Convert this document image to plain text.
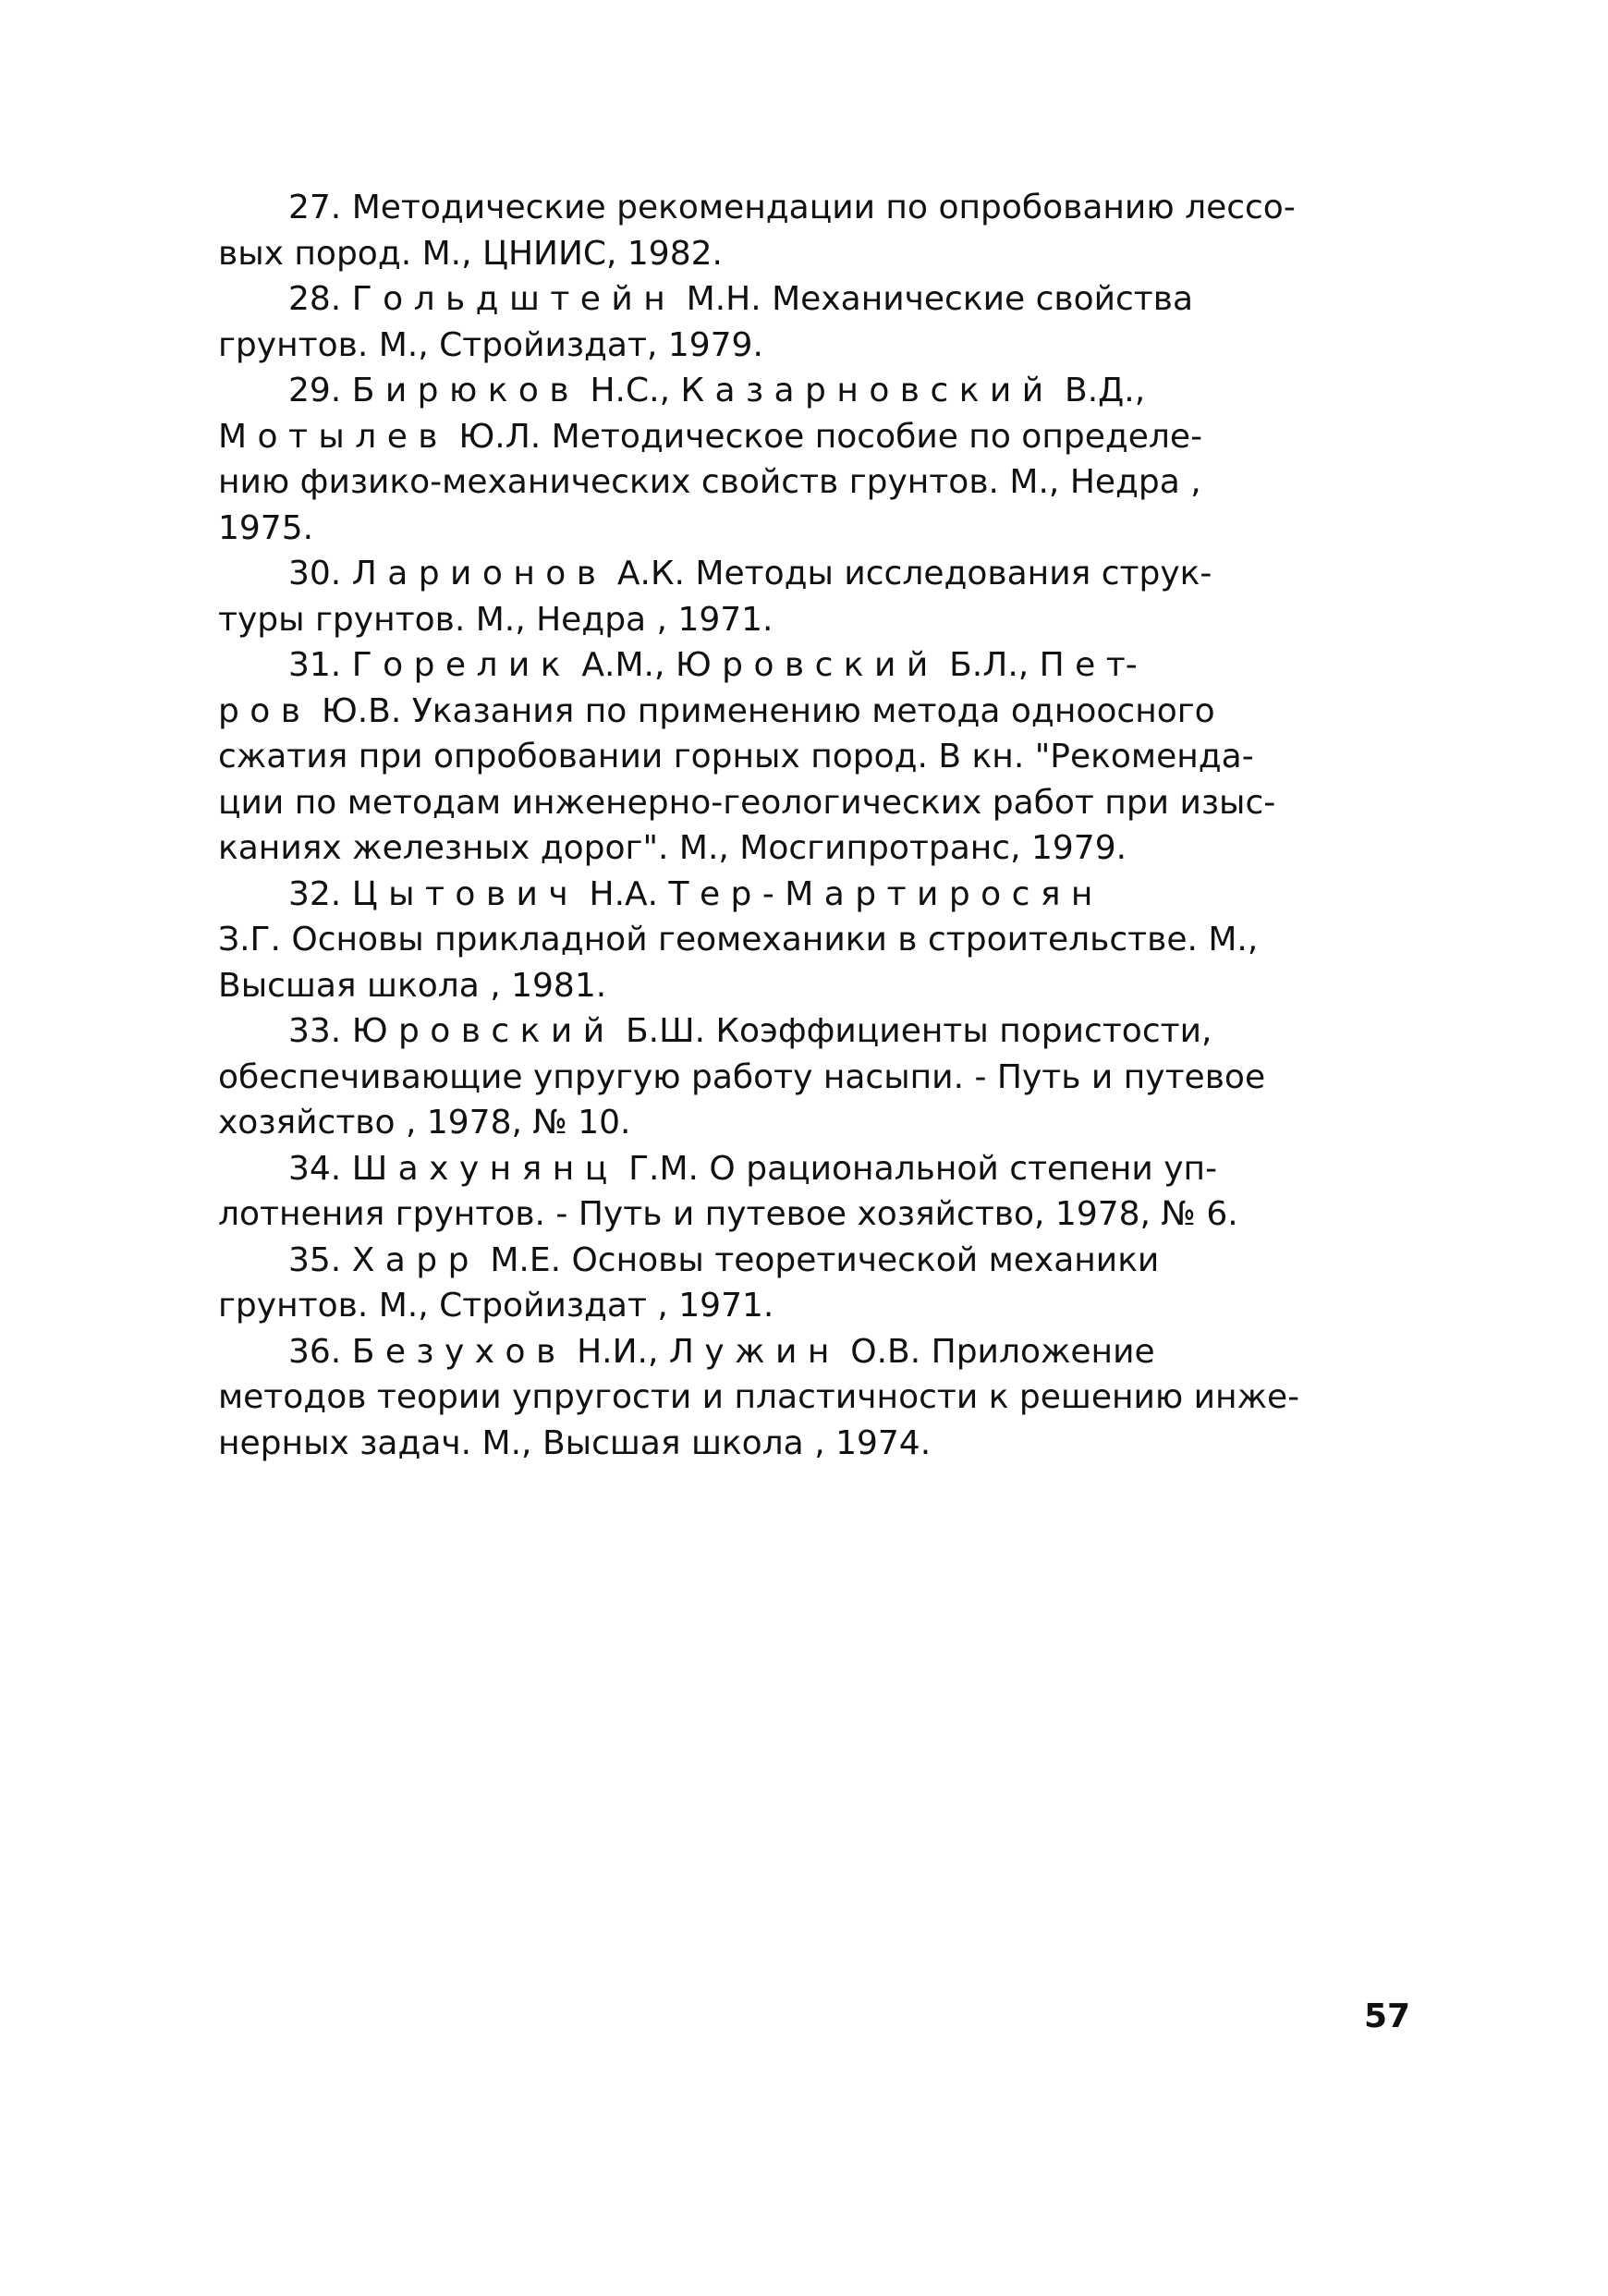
27. Методические рекомендации по опробованию лессо-
вых пород. М., ЦНИИС, 1982.
28. Г о л ь д ш т е й н  М.Н. Механические свойства
грунтов. М., Стройиздат, 1979.
29. Б и р ю к о в  Н.С., К а з а р н о в с к и й  В.Д.,
М о т ы л е в  Ю.Л. Методическое пособие по определе-
нию физико-механических свойств грунтов. М., Недра ,
1975.
30. Л а р и о н о в  А.К. Методы исследования струк-
туры грунтов. М., Недра , 1971.
31. Г о р е л и к  А.М., Ю р о в с к и й  Б.Л., П е т-
р о в  Ю.В. Указания по применению метода одноосного
сжатия при опробовании горных пород. В кн. "Рекоменда-
ции по методам инженерно-геологических работ при изыс-
каниях железных дорог". М., Мосгипротранс, 1979.
32. Ц ы т о в и ч  Н.А. Т е р - М а р т и р о с я н
З.Г. Основы прикладной геомеханики в строительстве. М.,
Высшая школа , 1981.
33. Ю р о в с к и й  Б.Ш. Коэффициенты пористости,
обеспечивающие упругую работу насыпи. - Путь и путевое
хозяйство , 1978, № 10.
34. Ш а х у н я н ц  Г.М. О рациональной степени уп-
лотнения грунтов. - Путь и путевое хозяйство, 1978, № 6.
35. Х а р р  М.Е. Основы теоретической механики
грунтов. М., Стройиздат , 1971.
36. Б е з у х о в  Н.И., Л у ж и н  О.В. Приложение
методов теории упругости и пластичности к решению инже-
нерных задач. М., Высшая школа , 1974.
57
